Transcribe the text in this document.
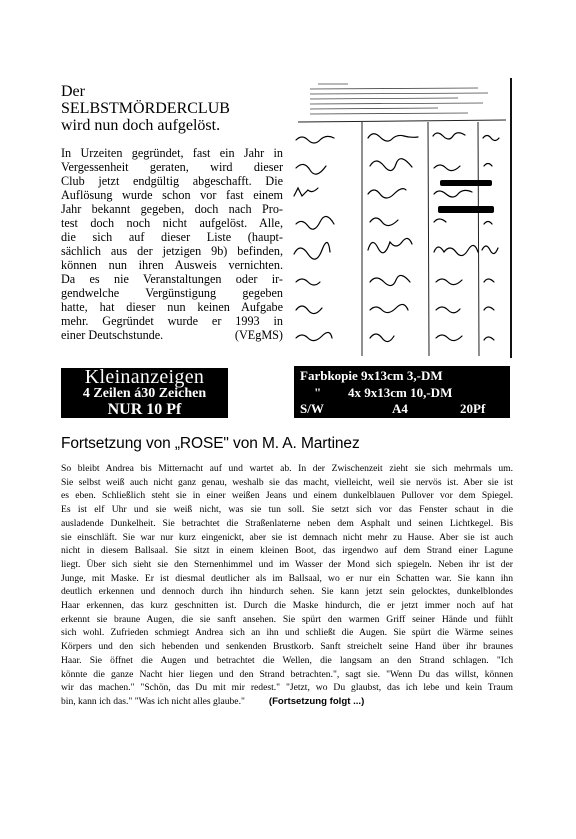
Der
SELBSTMÖRDERCLUB
wird nun doch aufgelöst.

In Urzeiten gegründet, fast ein Jahr in

Vergessenheit geraten, wird dieser

Club jetzt endgültig abgeschafft. Die

Auflösung wurde schon vor fast einem

Jahr bekannt gegeben, doch nach Pro-

test doch noch nicht aufgelöst. Alle,

die sich auf dieser Liste (haupt-

sächlich aus der jetzigen 9b) befinden,

können nun ihren Ausweis vernichten.

Da es nie Veranstaltungen oder ir-

gendwelche Vergünstigung gegeben

hatte, hat dieser nun keinen Aufgabe

mehr. Gegründet wurde er 1993 in

einer Deutschstunde.	(VEgMS)

Kleinanzeigen
4 Zeilen á30 Zeichen
NUR 10 Pf
Farbkopie 9x13cm 3,-DM
" 4x 9x13cm 10,-DM
S/W	A4	20Pf
Fortsetzung von „ROSE" von M. A. Martinez

So bleibt Andrea bis Mitternacht auf und wartet ab. In der Zwischenzeit zieht sie sich mehrmals um.

Sie selbst weiß auch nicht ganz genau, weshalb sie das macht, vielleicht, weil sie nervös ist. Aber sie ist

es eben. Schließlich steht sie in einer weißen Jeans und einem dunkelblauen Pullover vor dem Spiegel.

Es ist elf Uhr und sie weiß nicht, was sie tun soll. Sie setzt sich vor das Fenster schaut in die

ausladende Dunkelheit. Sie betrachtet die Straßenlaterne neben dem Asphalt und seinen Lichtkegel. Bis

sie einschläft. Sie war nur kurz eingenickt, aber sie ist demnach nicht mehr zu Hause. Aber sie ist auch

nicht in diesem Ballsaal. Sie sitzt in einem kleinen Boot, das irgendwo auf dem Strand einer Lagune

liegt. Über sich sieht sie den Sternenhimmel und im Wasser der Mond sich spiegeln. Neben ihr ist der

Junge, mit Maske. Er ist diesmal deutlicher als im Ballsaal, wo er nur ein Schatten war. Sie kann ihn

deutlich erkennen und dennoch durch ihn hindurch sehen. Sie kann jetzt sein gelocktes, dunkelblondes

Haar erkennen, das kurz geschnitten ist. Durch die Maske hindurch, die er jetzt immer noch auf hat

erkennt sie braune Augen, die sie sanft ansehen. Sie spürt den warmen Griff seiner Hände und fühlt

sich wohl. Zufrieden schmiegt Andrea sich an ihn und schließt die Augen. Sie spürt die Wärme seines

Körpers und den sich hebenden und senkenden Brustkorb. Sanft streichelt seine Hand über ihr braunes

Haar. Sie öffnet die Augen und betrachtet die Wellen, die langsam an den Strand schlagen. "Ich

könnte die ganze Nacht hier liegen und den Strand betrachten.", sagt sie. "Wenn Du das willst, können

wir das machen." "Schön, das Du mit mir redest." "Jetzt, wo Du glaubst, das ich lebe und kein Traum

bin, kann ich das." "Was ich nicht alles glaube." (Fortsetzung folgt ...)
